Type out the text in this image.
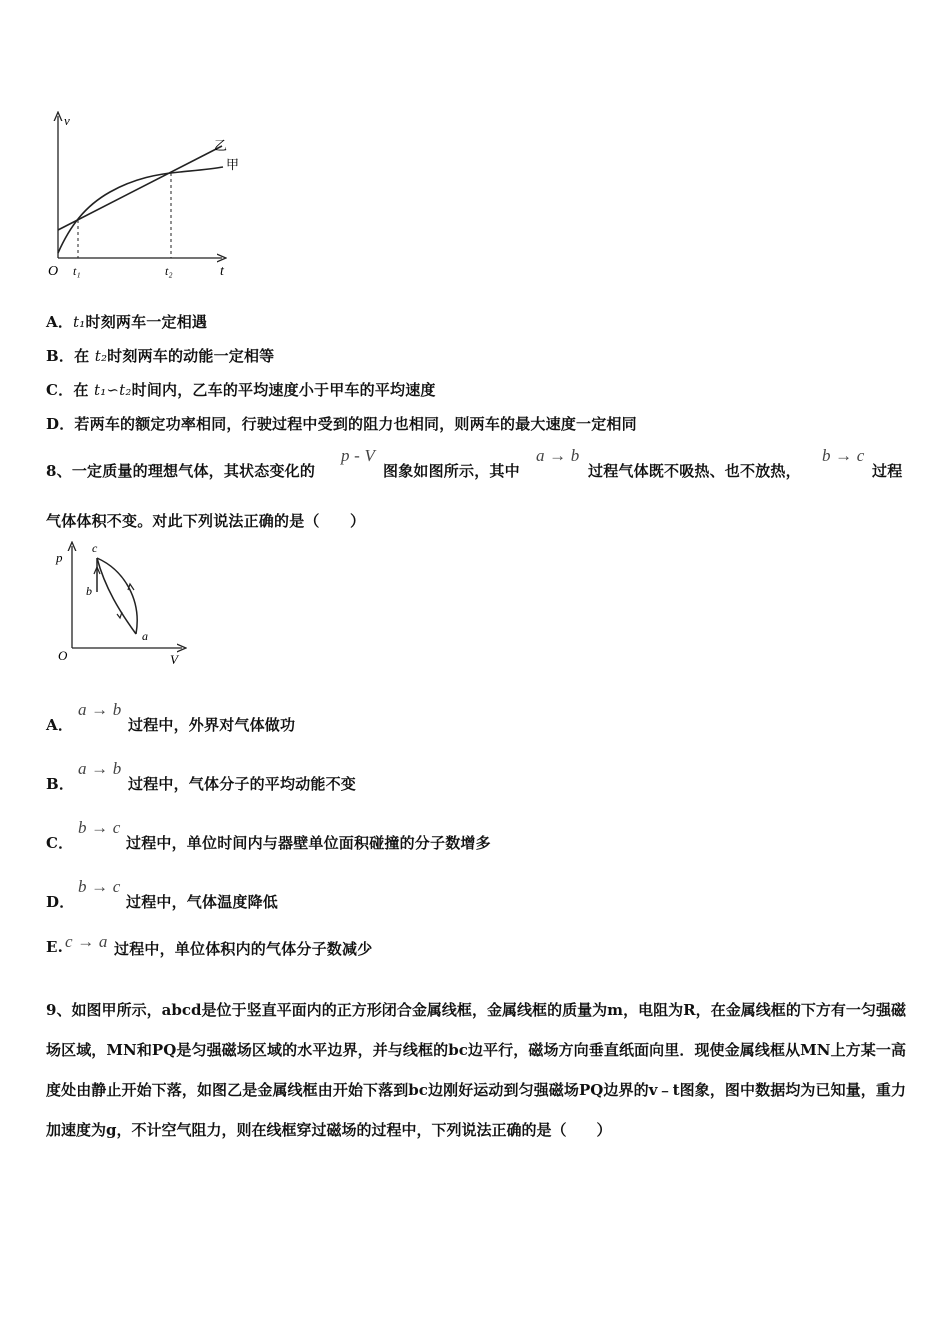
v
t
O
乙
甲
t₁	t₂
A．t₁时刻两车一定相遇
B．在 t₂时刻两车的动能一定相等
C．在 t₁∽t₂时间内，乙车的平均速度小于甲车的平均速度
D．若两车的额定功率相同，行驶过程中受到的阻力也相同，则两车的最大速度一定相同
8、一定质量的理想气体，其状态变化的
p - V
图象如图所示，其中
a → b
过程气体既不吸热、也不放热，
b → c
过程
气体体积不变。对此下列说法正确的是（　　）
p
V
O
c
b
a
A．
a → b
过程中，外界对气体做功
B．
a → b
过程中，气体分子的平均动能不变
C．
b → c
过程中，单位时间内与器壁单位面积碰撞的分子数增多
D．
b → c
过程中，气体温度降低
E. c → a 过程中，单位体积内的气体分子数减少
9、如图甲所示，abcd是位于竖直平面内的正方形闭合金属线框，金属线框的质量为m，电阻为R，在金属线框的下方有一匀强磁场区域，MN和PQ是匀强磁场区域的水平边界，并与线框的bc边平行，磁场方向垂直纸面向里．现使金属线框从MN上方某一高度处由静止开始下落，如图乙是金属线框由开始下落到bc边刚好运动到匀强磁场PQ边界的v﹣t图象，图中数据均为已知量，重力加速度为g，不计空气阻力，则在线框穿过磁场的过程中，下列说法正确的是（　　）
